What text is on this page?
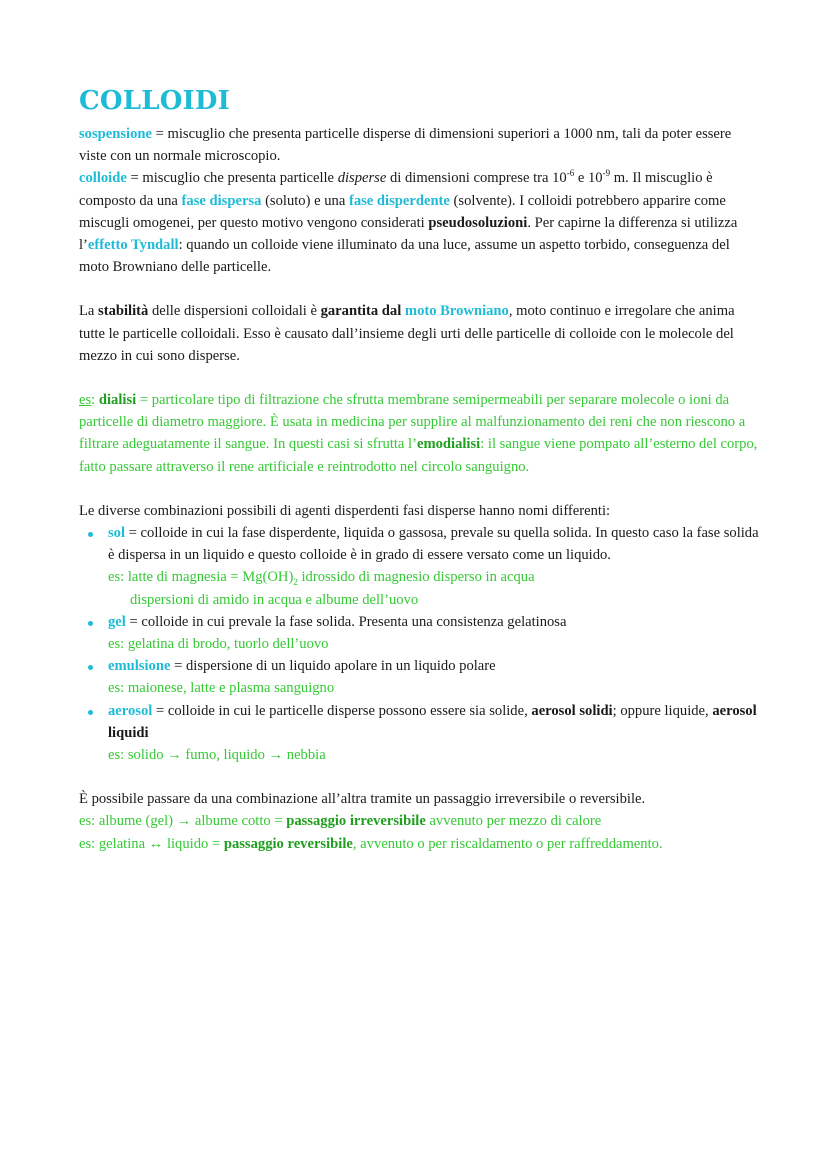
COLLOIDI

sospensione = miscuglio che presenta particelle disperse di dimensioni superiori a 1000 nm, tali da poter essere viste con un normale microscopio.

colloide = miscuglio che presenta particelle disperse di dimensioni comprese tra $10^{-6}$ e $10^{-9}$ m. Il miscuglio è composto da una fase dispersa (soluto) e una fase disperdente (solvente). I colloidi potrebbero apparire come miscugli omogenei, per questo motivo vengono considerati pseudosoluzioni. Per capirne la differenza si utilizza l’effetto Tyndall: quando un colloide viene illuminato da una luce, assume un aspetto torbido, conseguenza del moto Browniano delle particelle.

La stabilità delle dispersioni colloidali è garantita dal moto Browniano, moto continuo e irregolare che anima tutte le particelle colloidali. Esso è causato dall’insieme degli urti delle particelle di colloide con le molecole del mezzo in cui sono disperse.

es: dialisi = particolare tipo di filtrazione che sfrutta membrane semipermeabili per separare molecole o ioni da particelle di diametro maggiore. È usata in medicina per supplire al malfunzionamento dei reni che non riescono a filtrare adeguatamente il sangue. In questi casi si sfrutta l’emodialisi: il sangue viene pompato all’esterno del corpo, fatto passare attraverso il rene artificiale e reintrodotto nel circolo sanguigno.

Le diverse combinazioni possibili di agenti disperdenti fasi disperse hanno nomi differenti:

sol = colloide in cui la fase disperdente, liquida o gassosa, prevale su quella solida. In questo caso la fase solida è dispersa in un liquido e questo colloide è in grado di essere versato come un liquido.
es: latte di magnesia = $Mg(OH)_2$ idrossido di magnesio disperso in acqua
dispersioni di amido in acqua e albume dell’uovo
gel = colloide in cui prevale la fase solida. Presenta una consistenza gelatinosa
es: gelatina di brodo, tuorlo dell’uovo
emulsione = dispersione di un liquido apolare in un liquido polare
es: maionese, latte e plasma sanguigno
aerosol = colloide in cui le particelle disperse possono essere sia solide, aerosol solidi; oppure liquide, aerosol liquidi
es: solido → fumo, liquido → nebbia

È possibile passare da una combinazione all’altra tramite un passaggio irreversibile o reversibile.

es: albume (gel) → albume cotto = passaggio irreversibile avvenuto per mezzo di calore

es: gelatina ↔ liquido = passaggio reversibile, avvenuto o per riscaldamento o per raffreddamento.
